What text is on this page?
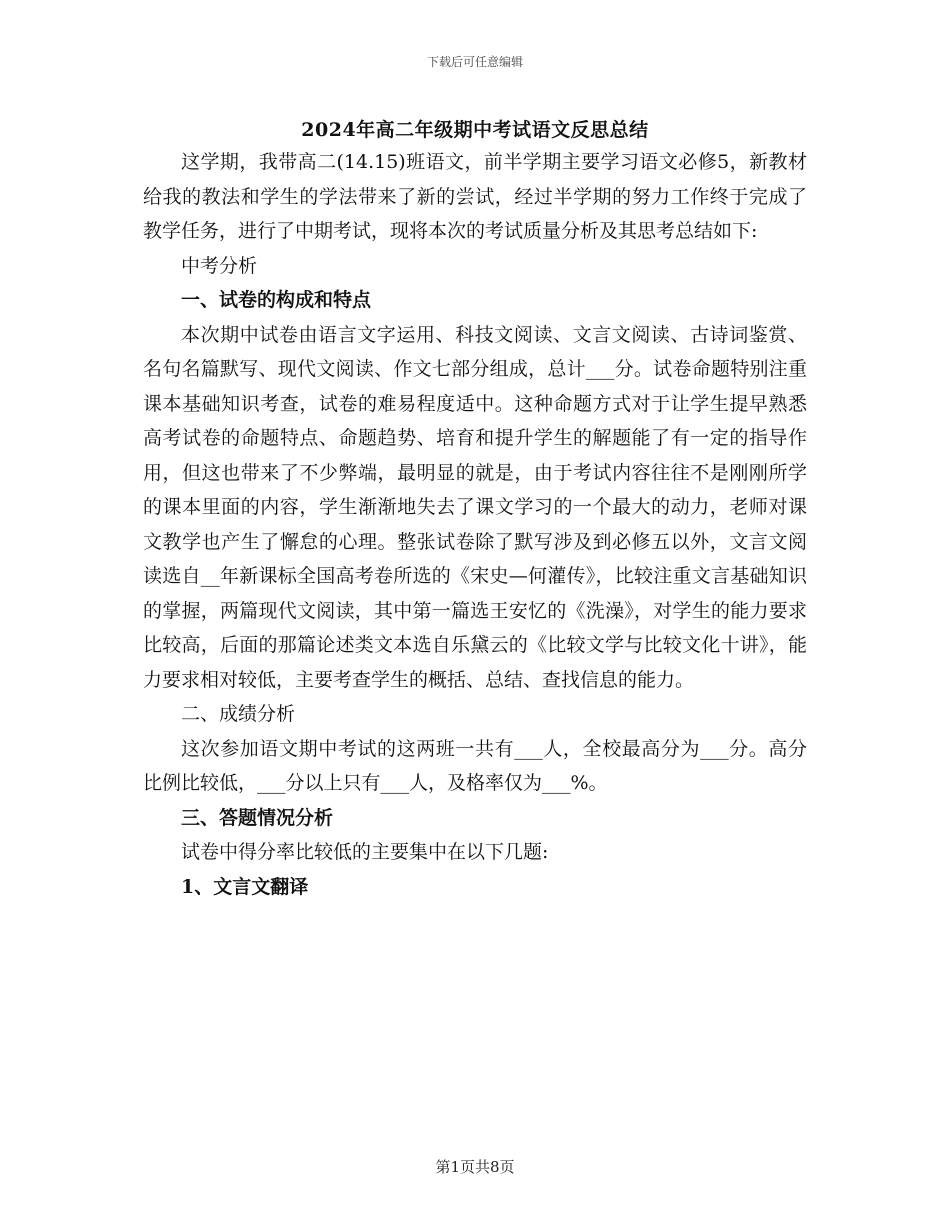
下载后可任意编辑
2024年高二年级期中考试语文反思总结

这学期，我带高二(14.15)班语文，前半学期主要学习语文必修5，新教材给我的教法和学生的学法带来了新的尝试，经过半学期的努力工作终于完成了教学任务，进行了中期考试，现将本次的考试质量分析及其思考总结如下:

中考分析

一、试卷的构成和特点

本次期中试卷由语言文字运用、科技文阅读、文言文阅读、古诗词鉴赏、名句名篇默写、现代文阅读、作文七部分组成，总计___分。试卷命题特别注重课本基础知识考查，试卷的难易程度适中。这种命题方式对于让学生提早熟悉高考试卷的命题特点、命题趋势、培育和提升学生的解题能了有一定的指导作用，但这也带来了不少弊端，最明显的就是，由于考试内容往往不是刚刚所学的课本里面的内容，学生渐渐地失去了课文学习的一个最大的动力，老师对课文教学也产生了懈怠的心理。整张试卷除了默写涉及到必修五以外，文言文阅读选自__年新课标全国高考卷所选的《宋史—何灌传》，比较注重文言基础知识的掌握，两篇现代文阅读，其中第一篇选王安忆的《洗澡》，对学生的能力要求比较高，后面的那篇论述类文本选自乐黛云的《比较文学与比较文化十讲》，能力要求相对较低，主要考查学生的概括、总结、查找信息的能力。

二、成绩分析

这次参加语文期中考试的这两班一共有___人，全校最高分为___分。高分比例比较低，___分以上只有___人，及格率仅为___%。

三、答题情况分析

试卷中得分率比较低的主要集中在以下几题:

1、文言文翻译

第1页共8页
